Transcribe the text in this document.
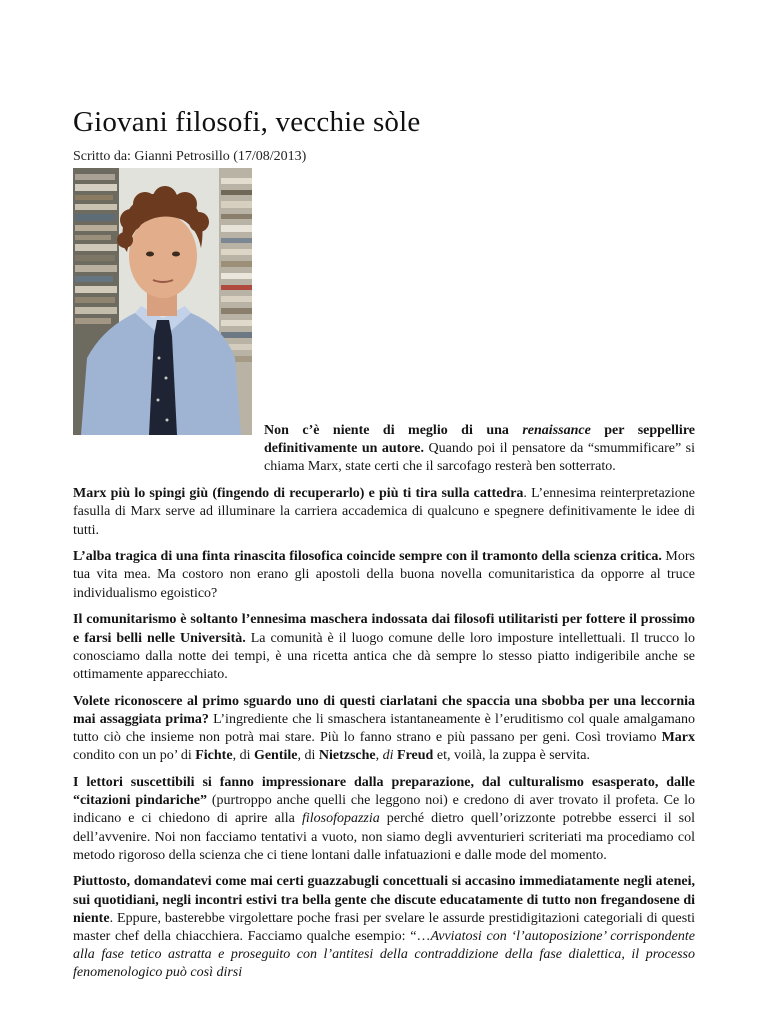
Giovani filosofi, vecchie sòle
Scritto da: Gianni Petrosillo (17/08/2013)

Non c’è niente di meglio di una renaissance per seppellire definitivamente un autore. Quando poi il pensatore da “smummificare” si chiama Marx, state certi che il sarcofago resterà ben sotterrato.

Marx più lo spingi giù (fingendo di recuperarlo) e più ti tira sulla cattedra. L’ennesima reinterpretazione fasulla di Marx serve ad illuminare la carriera accademica di qualcuno e spegnere definitivamente le idee di tutti.

L’alba tragica di una finta rinascita filosofica coincide sempre con il tramonto della scienza critica. Mors tua vita mea. Ma costoro non erano gli apostoli della buona novella comunitaristica da opporre al truce individualismo egoistico?

Il comunitarismo è soltanto l’ennesima maschera indossata dai filosofi utilitaristi per fottere il prossimo e farsi belli nelle Università. La comunità è il luogo comune delle loro imposture intellettuali. Il trucco lo conosciamo dalla notte dei tempi, è una ricetta antica che dà sempre lo stesso piatto indigeribile anche se ottimamente apparecchiato.

Volete riconoscere al primo sguardo uno di questi ciarlatani che spaccia una sbobba per una leccornia mai assaggiata prima? L’ingrediente che li smaschera istantaneamente è l’eruditismo col quale amalgamano tutto ciò che insieme non potrà mai stare. Più lo fanno strano e più passano per geni. Così troviamo Marx condito con un po’ di Fichte, di Gentile, di Nietzsche, di Freud et, voilà, la zuppa è servita.

I lettori suscettibili si fanno impressionare dalla preparazione, dal culturalismo esasperato, dalle “citazioni pindariche” (purtroppo anche quelli che leggono noi) e credono di aver trovato il profeta. Ce lo indicano e ci chiedono di aprire alla filosofopazzia perché dietro quell’orizzonte potrebbe esserci il sol dell’avvenire. Noi non facciamo tentativi a vuoto, non siamo degli avventurieri scriteriati ma procediamo col metodo rigoroso della scienza che ci tiene lontani dalle infatuazioni e dalle mode del momento.

Piuttosto, domandatevi come mai certi guazzabugli concettuali si accasino immediatamente negli atenei, sui quotidiani, negli incontri estivi tra bella gente che discute educatamente di tutto non fregandosene di niente. Eppure, basterebbe virgolettare poche frasi per svelare le assurde prestidigitazioni categoriali di questi master chef della chiacchiera. Facciamo qualche esempio: “…Avviatosi con ‘l’autoposizione’ corrispondente alla fase tetico astratta e proseguito con l’antitesi della contraddizione della fase dialettica, il processo fenomenologico può così dirsi
